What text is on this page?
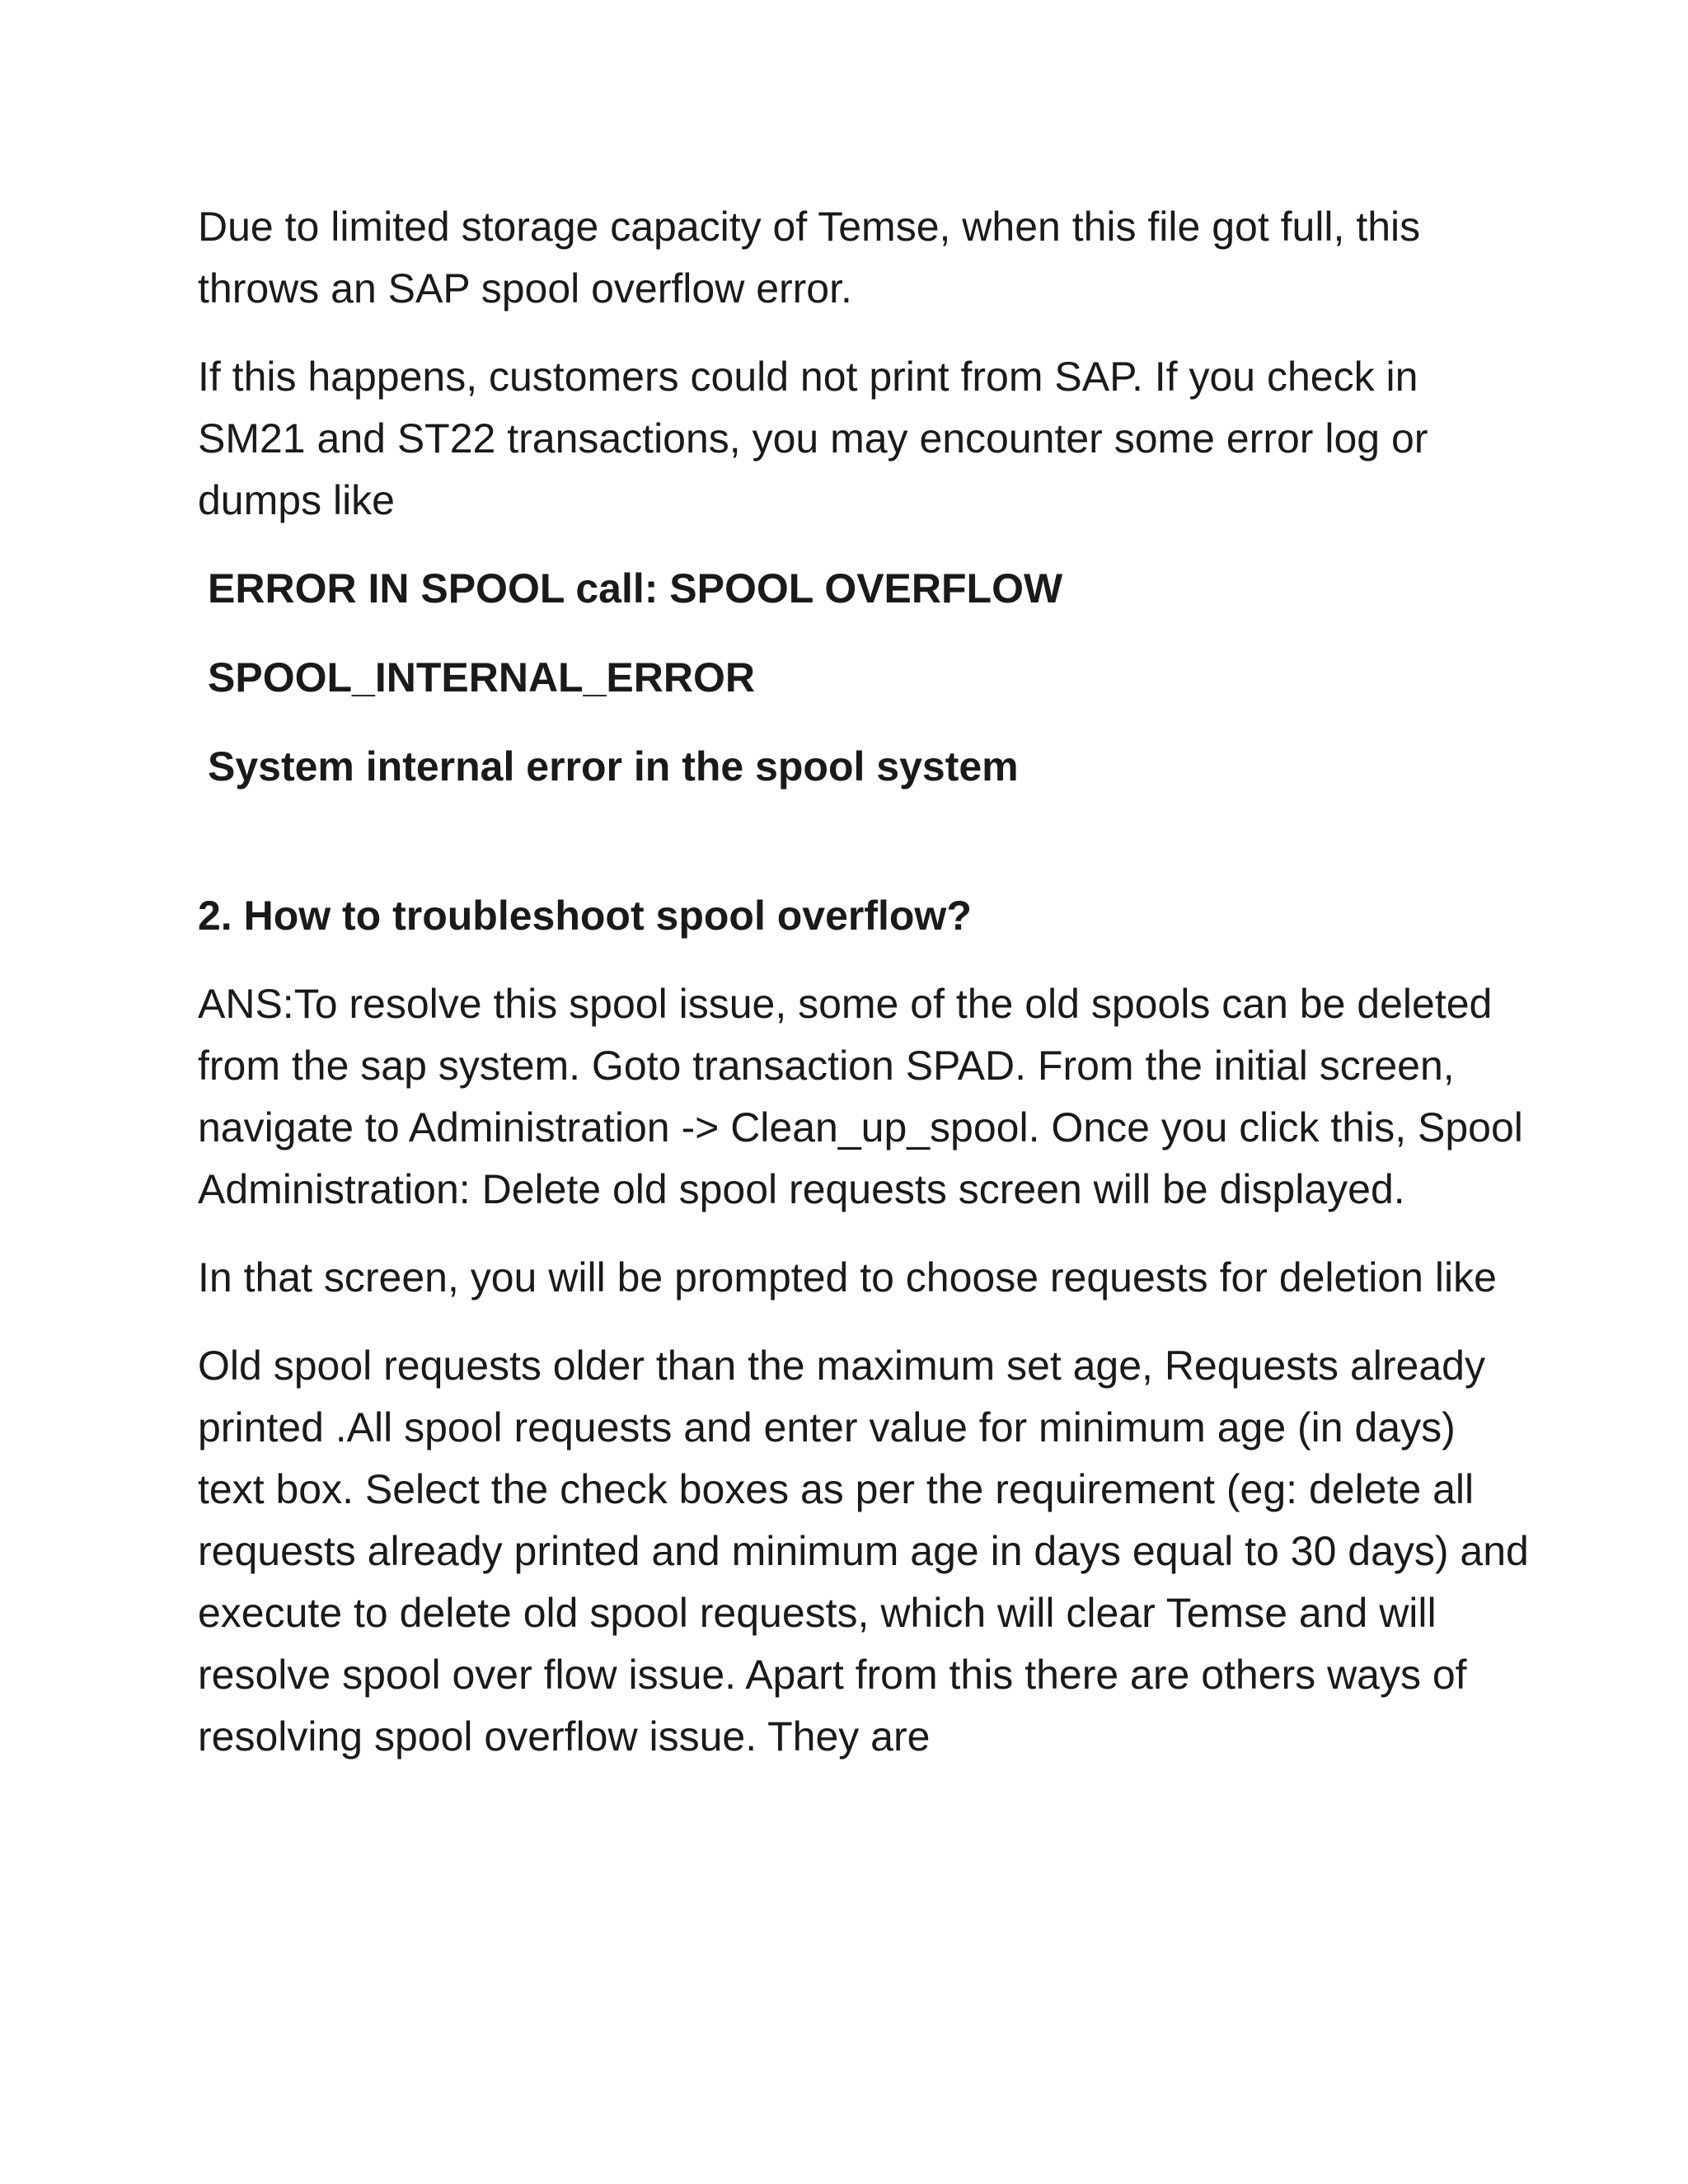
Due to limited storage capacity of Temse, when this file got full, this throws an SAP spool overflow error.

If this happens, customers could not print from SAP. If you check in SM21 and ST22 transactions, you may encounter some error log or dumps like

ERROR IN SPOOL call: SPOOL OVERFLOW

SPOOL_INTERNAL_ERROR

System internal error in the spool system

2. How to troubleshoot spool overflow?

ANS:To resolve this spool issue, some of the old spools can be deleted from the sap system. Goto transaction SPAD. From the initial screen, navigate to Administration -> Clean_up_spool. Once you click this, Spool Administration: Delete old spool requests screen will be displayed.

In that screen, you will be prompted to choose requests for deletion like

Old spool requests older than the maximum set age, Requests already printed .All spool requests and enter value for minimum age (in days) text box. Select the check boxes as per the requirement (eg: delete all requests already printed and minimum age in days equal to 30 days) and execute to delete old spool requests, which will clear Temse and will resolve spool over flow issue. Apart from this there are others ways of resolving spool overflow issue. They are
